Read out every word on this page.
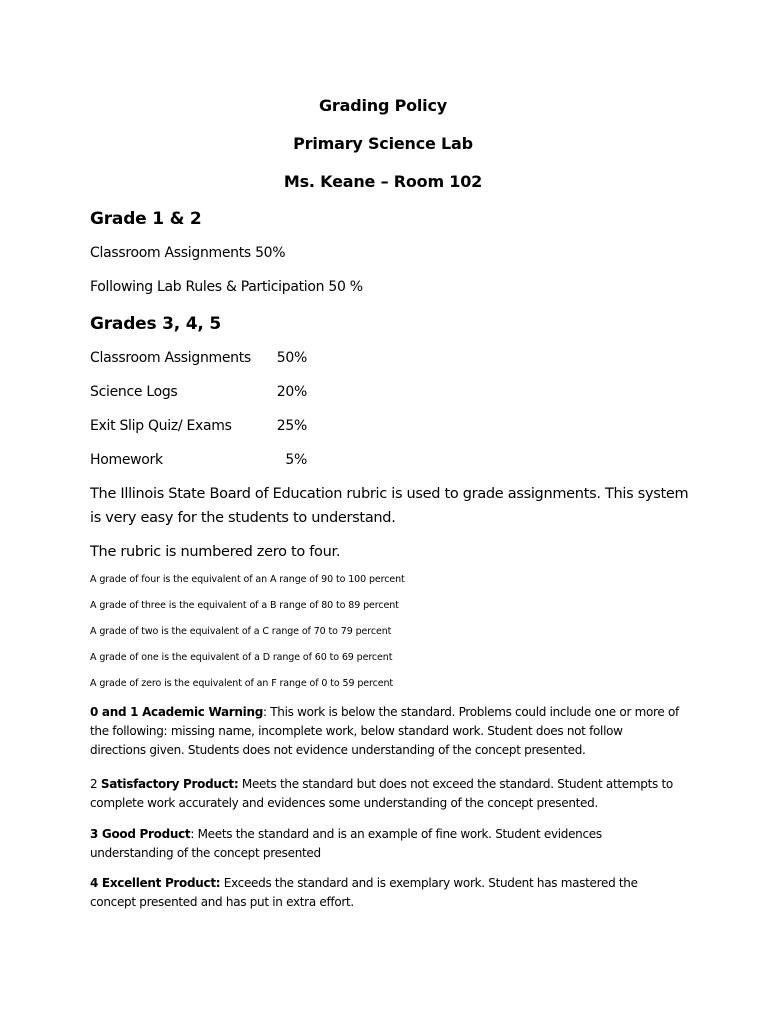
Grading Policy
Primary Science Lab
Ms. Keane – Room 102
Grade 1 & 2
Classroom Assignments 50%
Following Lab Rules & Participation 50 %
Grades 3, 4, 5
Classroom Assignments	50%
Science Logs	20%
Exit Slip Quiz/ Exams	25%
Homework	5%
The Illinois State Board of Education rubric is used to grade assignments. This system is very easy for the students to understand.
The rubric is numbered zero to four.
A grade of four is the equivalent of an A range of 90 to 100 percent
A grade of three is the equivalent of a B range of 80 to 89 percent
A grade of two is the equivalent of a C range of 70 to 79 percent
A grade of one is the equivalent of a D range of 60 to 69 percent
A grade of zero is the equivalent of an F range of 0 to 59 percent
0 and 1 Academic Warning: This work is below the standard. Problems could include one or more of the following: missing name, incomplete work, below standard work. Student does not follow directions given. Students does not evidence understanding of the concept presented.
2 Satisfactory Product: Meets the standard but does not exceed the standard. Student attempts to complete work accurately and evidences some understanding of the concept presented.
3 Good Product: Meets the standard and is an example of fine work. Student evidences understanding of the concept presented
4 Excellent Product: Exceeds the standard and is exemplary work. Student has mastered the concept presented and has put in extra effort.
